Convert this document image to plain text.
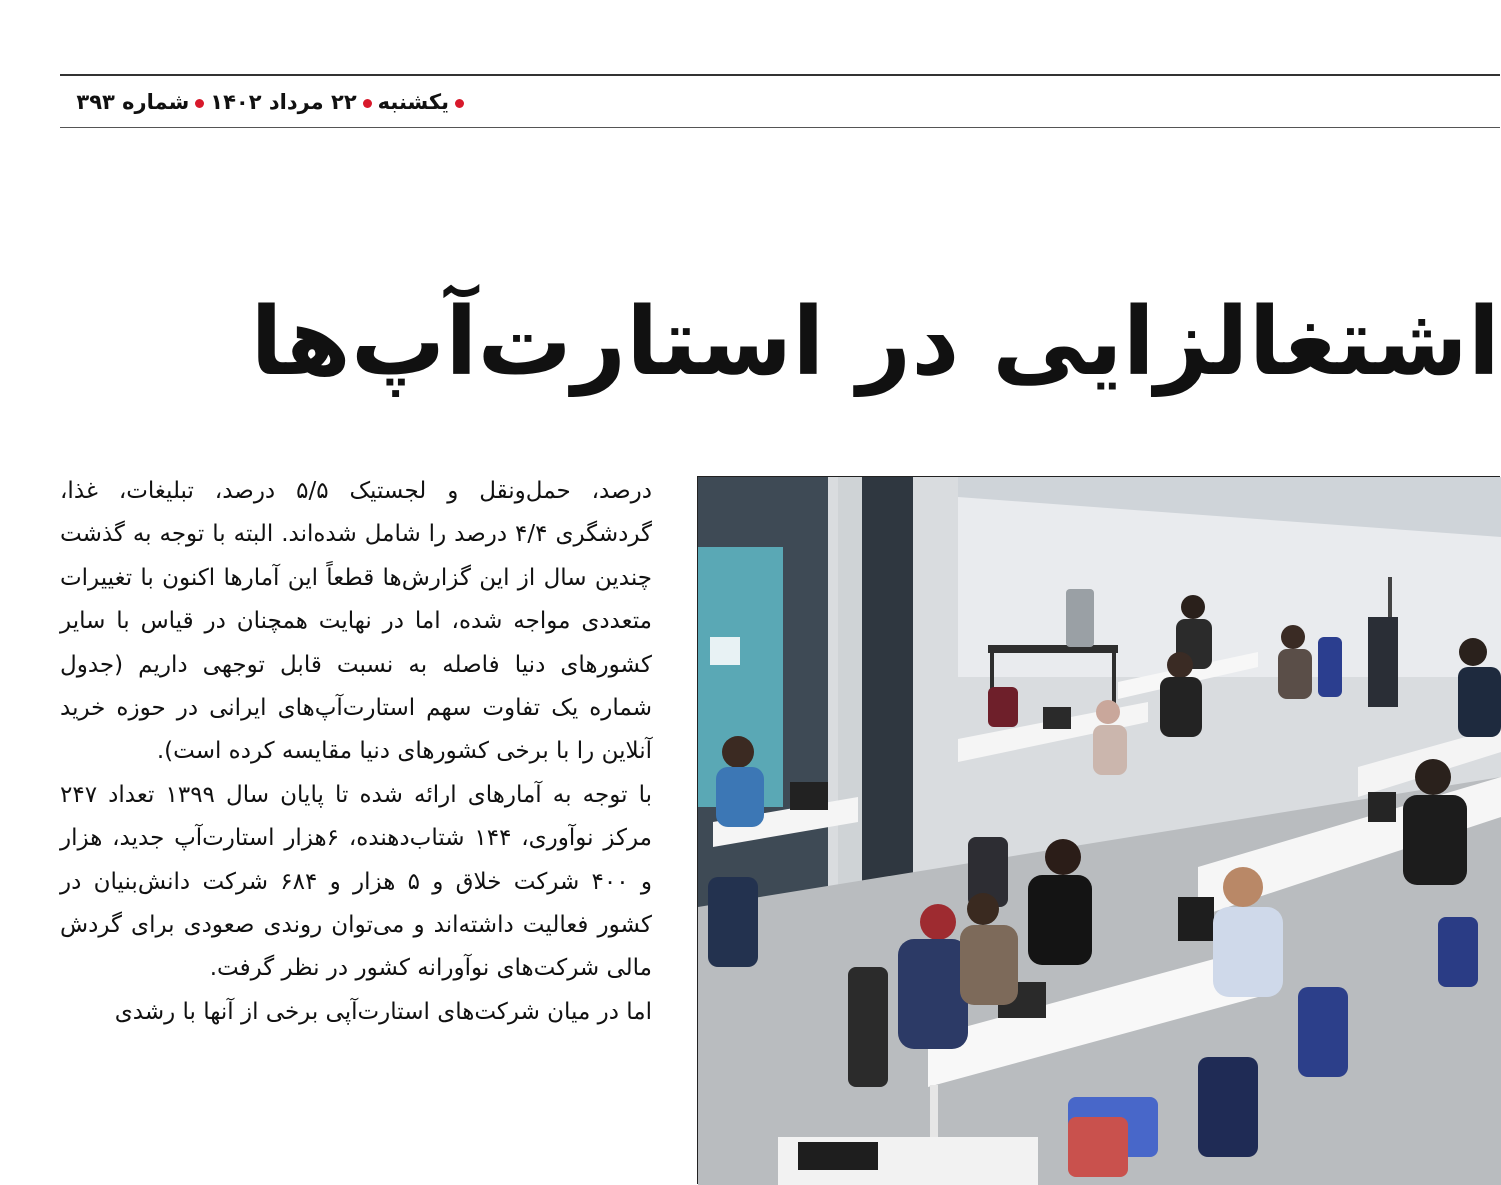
یکشنبه۲۲ مرداد ۱۴۰۲شماره ۳۹۳
اشتغالزایی در استارت‌آپ‌ها

درصد، حمل‌ونقل و لجستیک ۵/۵ درصد، تبلیغات، غذا، گردشگری ۴/۴ درصد را شامل شده‌اند. البته با توجه به گذشت چندین سال از این گزارش‌ها قطعاً این آمارها اکنون با تغییرات متعددی مواجه شده، اما در نهایت همچنان در قیاس با سایر کشورهای دنیا فاصله به نسبت قابل توجهی داریم (جدول شماره یک تفاوت سهم استارت‌آپ‌های ایرانی در حوزه خرید آنلاین را با برخی کشورهای دنیا مقایسه کرده است).

با توجه به آمارهای ارائه شده تا پایان سال ۱۳۹۹ تعداد ۲۴۷ مرکز نوآوری، ۱۴۴ شتاب‌دهنده، ۶هزار استارت‌آپ جدید، هزار و ۴۰۰ شرکت خلاق و ۵ هزار و ۶۸۴ شرکت دانش‌بنیان در کشور فعالیت داشته‌اند و می‌توان روندی صعودی برای گردش مالی شرکت‌های نوآورانه کشور در نظر گرفت.

اما در میان شرکت‌های استارت‌آپی برخی از آنها با رشدی
